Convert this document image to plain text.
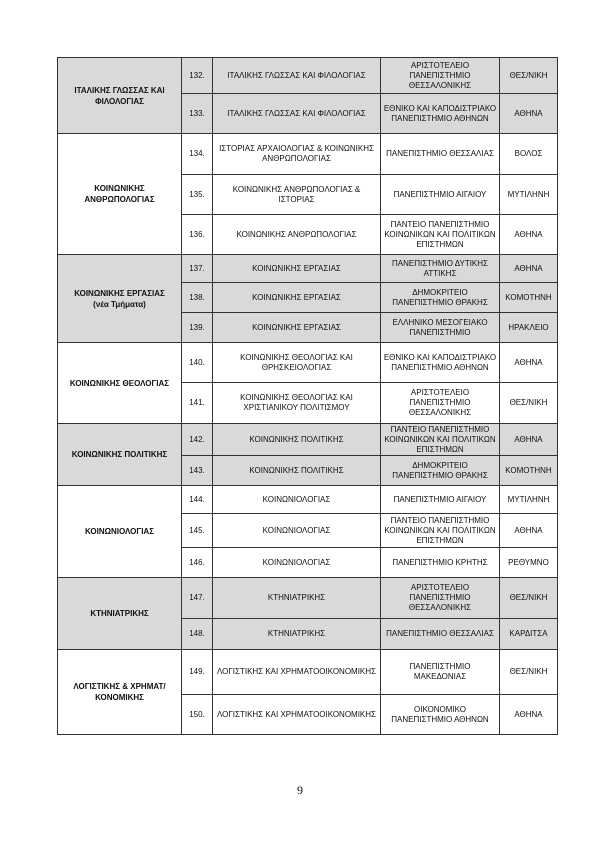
ΙΤΑΛΙΚΗΣ ΓΛΩΣΣΑΣ ΚΑΙ ΦΙΛΟΛΟΓΙΑΣ	132.	ΙΤΑΛΙΚΗΣ ΓΛΩΣΣΑΣ ΚΑΙ ΦΙΛΟΛΟΓΙΑΣ	ΑΡΙΣΤΟΤΕΛΕΙΟ ΠΑΝΕΠΙΣΤΗΜΙΟ ΘΕΣΣΑΛΟΝΙΚΗΣ	ΘΕΣ/ΝΙΚΗ
	133.	ΙΤΑΛΙΚΗΣ ΓΛΩΣΣΑΣ ΚΑΙ ΦΙΛΟΛΟΓΙΑΣ	ΕΘΝΙΚΟ ΚΑΙ ΚΑΠΟΔΙΣΤΡΙΑΚΟ ΠΑΝΕΠΙΣΤΗΜΙΟ ΑΘΗΝΩΝ	ΑΘΗΝΑ

ΚΟΙΝΩΝΙΚΗΣ ΑΝΘΡΩΠΟΛΟΓΙΑΣ	134.	ΙΣΤΟΡΙΑΣ ΑΡΧΑΙΟΛΟΓΙΑΣ & ΚΟΙΝΩΝΙΚΗΣ ΑΝΘΡΩΠΟΛΟΓΙΑΣ	ΠΑΝΕΠΙΣΤΗΜΙΟ ΘΕΣΣΑΛΙΑΣ	ΒΟΛΟΣ
	135.	ΚΟΙΝΩΝΙΚΗΣ ΑΝΘΡΩΠΟΛΟΓΙΑΣ & ΙΣΤΟΡΙΑΣ	ΠΑΝΕΠΙΣΤΗΜΙΟ ΑΙΓΑΙΟΥ	ΜΥΤΙΛΗΝΗ
	136.	ΚΟΙΝΩΝΙΚΗΣ ΑΝΘΡΩΠΟΛΟΓΙΑΣ	ΠΑΝΤΕΙΟ ΠΑΝΕΠΙΣΤΗΜΙΟ ΚΟΙΝΩΝΙΚΩΝ ΚΑΙ ΠΟΛΙΤΙΚΩΝ ΕΠΙΣΤΗΜΩΝ	ΑΘΗΝΑ

ΚΟΙΝΩΝΙΚΗΣ ΕΡΓΑΣΙΑΣ
(νέα Τμήματα)	137.	ΚΟΙΝΩΝΙΚΗΣ ΕΡΓΑΣΙΑΣ	ΠΑΝΕΠΙΣΤΗΜΙΟ ΔΥΤΙΚΗΣ ΑΤΤΙΚΗΣ	ΑΘΗΝΑ
	138.	ΚΟΙΝΩΝΙΚΗΣ ΕΡΓΑΣΙΑΣ	ΔΗΜΟΚΡΙΤΕΙΟ ΠΑΝΕΠΙΣΤΗΜΙΟ ΘΡΑΚΗΣ	ΚΟΜΟΤΗΝΗ
	139.	ΚΟΙΝΩΝΙΚΗΣ ΕΡΓΑΣΙΑΣ	ΕΛΛΗΝΙΚΟ ΜΕΣΟΓΕΙΑΚΟ ΠΑΝΕΠΙΣΤΗΜΙΟ	ΗΡΑΚΛΕΙΟ

ΚΟΙΝΩΝΙΚΗΣ ΘΕΟΛΟΓΙΑΣ	140.	ΚΟΙΝΩΝΙΚΗΣ ΘΕΟΛΟΓΙΑΣ ΚΑΙ ΘΡΗΣΚΕΙΟΛΟΓΙΑΣ	ΕΘΝΙΚΟ ΚΑΙ ΚΑΠΟΔΙΣΤΡΙΑΚΟ ΠΑΝΕΠΙΣΤΗΜΙΟ ΑΘΗΝΩΝ	ΑΘΗΝΑ
	141.	ΚΟΙΝΩΝΙΚΗΣ ΘΕΟΛΟΓΙΑΣ ΚΑΙ ΧΡΙΣΤΙΑΝΙΚΟΥ ΠΟΛΙΤΙΣΜΟΥ	ΑΡΙΣΤΟΤΕΛΕΙΟ ΠΑΝΕΠΙΣΤΗΜΙΟ ΘΕΣΣΑΛΟΝΙΚΗΣ	ΘΕΣ/ΝΙΚΗ

ΚΟΙΝΩΝΙΚΗΣ ΠΟΛΙΤΙΚΗΣ	142.	ΚΟΙΝΩΝΙΚΗΣ ΠΟΛΙΤΙΚΗΣ	ΠΑΝΤΕΙΟ ΠΑΝΕΠΙΣΤΗΜΙΟ ΚΟΙΝΩΝΙΚΩΝ ΚΑΙ ΠΟΛΙΤΙΚΩΝ ΕΠΙΣΤΗΜΩΝ	ΑΘΗΝΑ
	143.	ΚΟΙΝΩΝΙΚΗΣ ΠΟΛΙΤΙΚΗΣ	ΔΗΜΟΚΡΙΤΕΙΟ ΠΑΝΕΠΙΣΤΗΜΙΟ ΘΡΑΚΗΣ	ΚΟΜΟΤΗΝΗ

ΚΟΙΝΩΝΙΟΛΟΓΙΑΣ	144.	ΚΟΙΝΩΝΙΟΛΟΓΙΑΣ	ΠΑΝΕΠΙΣΤΗΜΙΟ ΑΙΓΑΙΟΥ	ΜΥΤΙΛΗΝΗ
	145.	ΚΟΙΝΩΝΙΟΛΟΓΙΑΣ	ΠΑΝΤΕΙΟ ΠΑΝΕΠΙΣΤΗΜΙΟ ΚΟΙΝΩΝΙΚΩΝ ΚΑΙ ΠΟΛΙΤΙΚΩΝ ΕΠΙΣΤΗΜΩΝ	ΑΘΗΝΑ
	146.	ΚΟΙΝΩΝΙΟΛΟΓΙΑΣ	ΠΑΝΕΠΙΣΤΗΜΙΟ ΚΡΗΤΗΣ	ΡΕΘΥΜΝΟ

ΚΤΗΝΙΑΤΡΙΚΗΣ	147.	ΚΤΗΝΙΑΤΡΙΚΗΣ	ΑΡΙΣΤΟΤΕΛΕΙΟ ΠΑΝΕΠΙΣΤΗΜΙΟ ΘΕΣΣΑΛΟΝΙΚΗΣ	ΘΕΣ/ΝΙΚΗ
	148.	ΚΤΗΝΙΑΤΡΙΚΗΣ	ΠΑΝΕΠΙΣΤΗΜΙΟ ΘΕΣΣΑΛΙΑΣ	ΚΑΡΔΙΤΣΑ

ΛΟΓΙΣΤΙΚΗΣ & ΧΡΗΜΑΤ/ΚΟΝΟΜΙΚΗΣ	149.	ΛΟΓΙΣΤΙΚΗΣ ΚΑΙ ΧΡΗΜΑΤΟΟΙΚΟΝΟΜΙΚΗΣ	ΠΑΝΕΠΙΣΤΗΜΙΟ ΜΑΚΕΔΟΝΙΑΣ	ΘΕΣ/ΝΙΚΗ
	150.	ΛΟΓΙΣΤΙΚΗΣ ΚΑΙ ΧΡΗΜΑΤΟΟΙΚΟΝΟΜΙΚΗΣ	ΟΙΚΟΝΟΜΙΚΟ ΠΑΝΕΠΙΣΤΗΜΙΟ ΑΘΗΝΩΝ	ΑΘΗΝΑ
9
